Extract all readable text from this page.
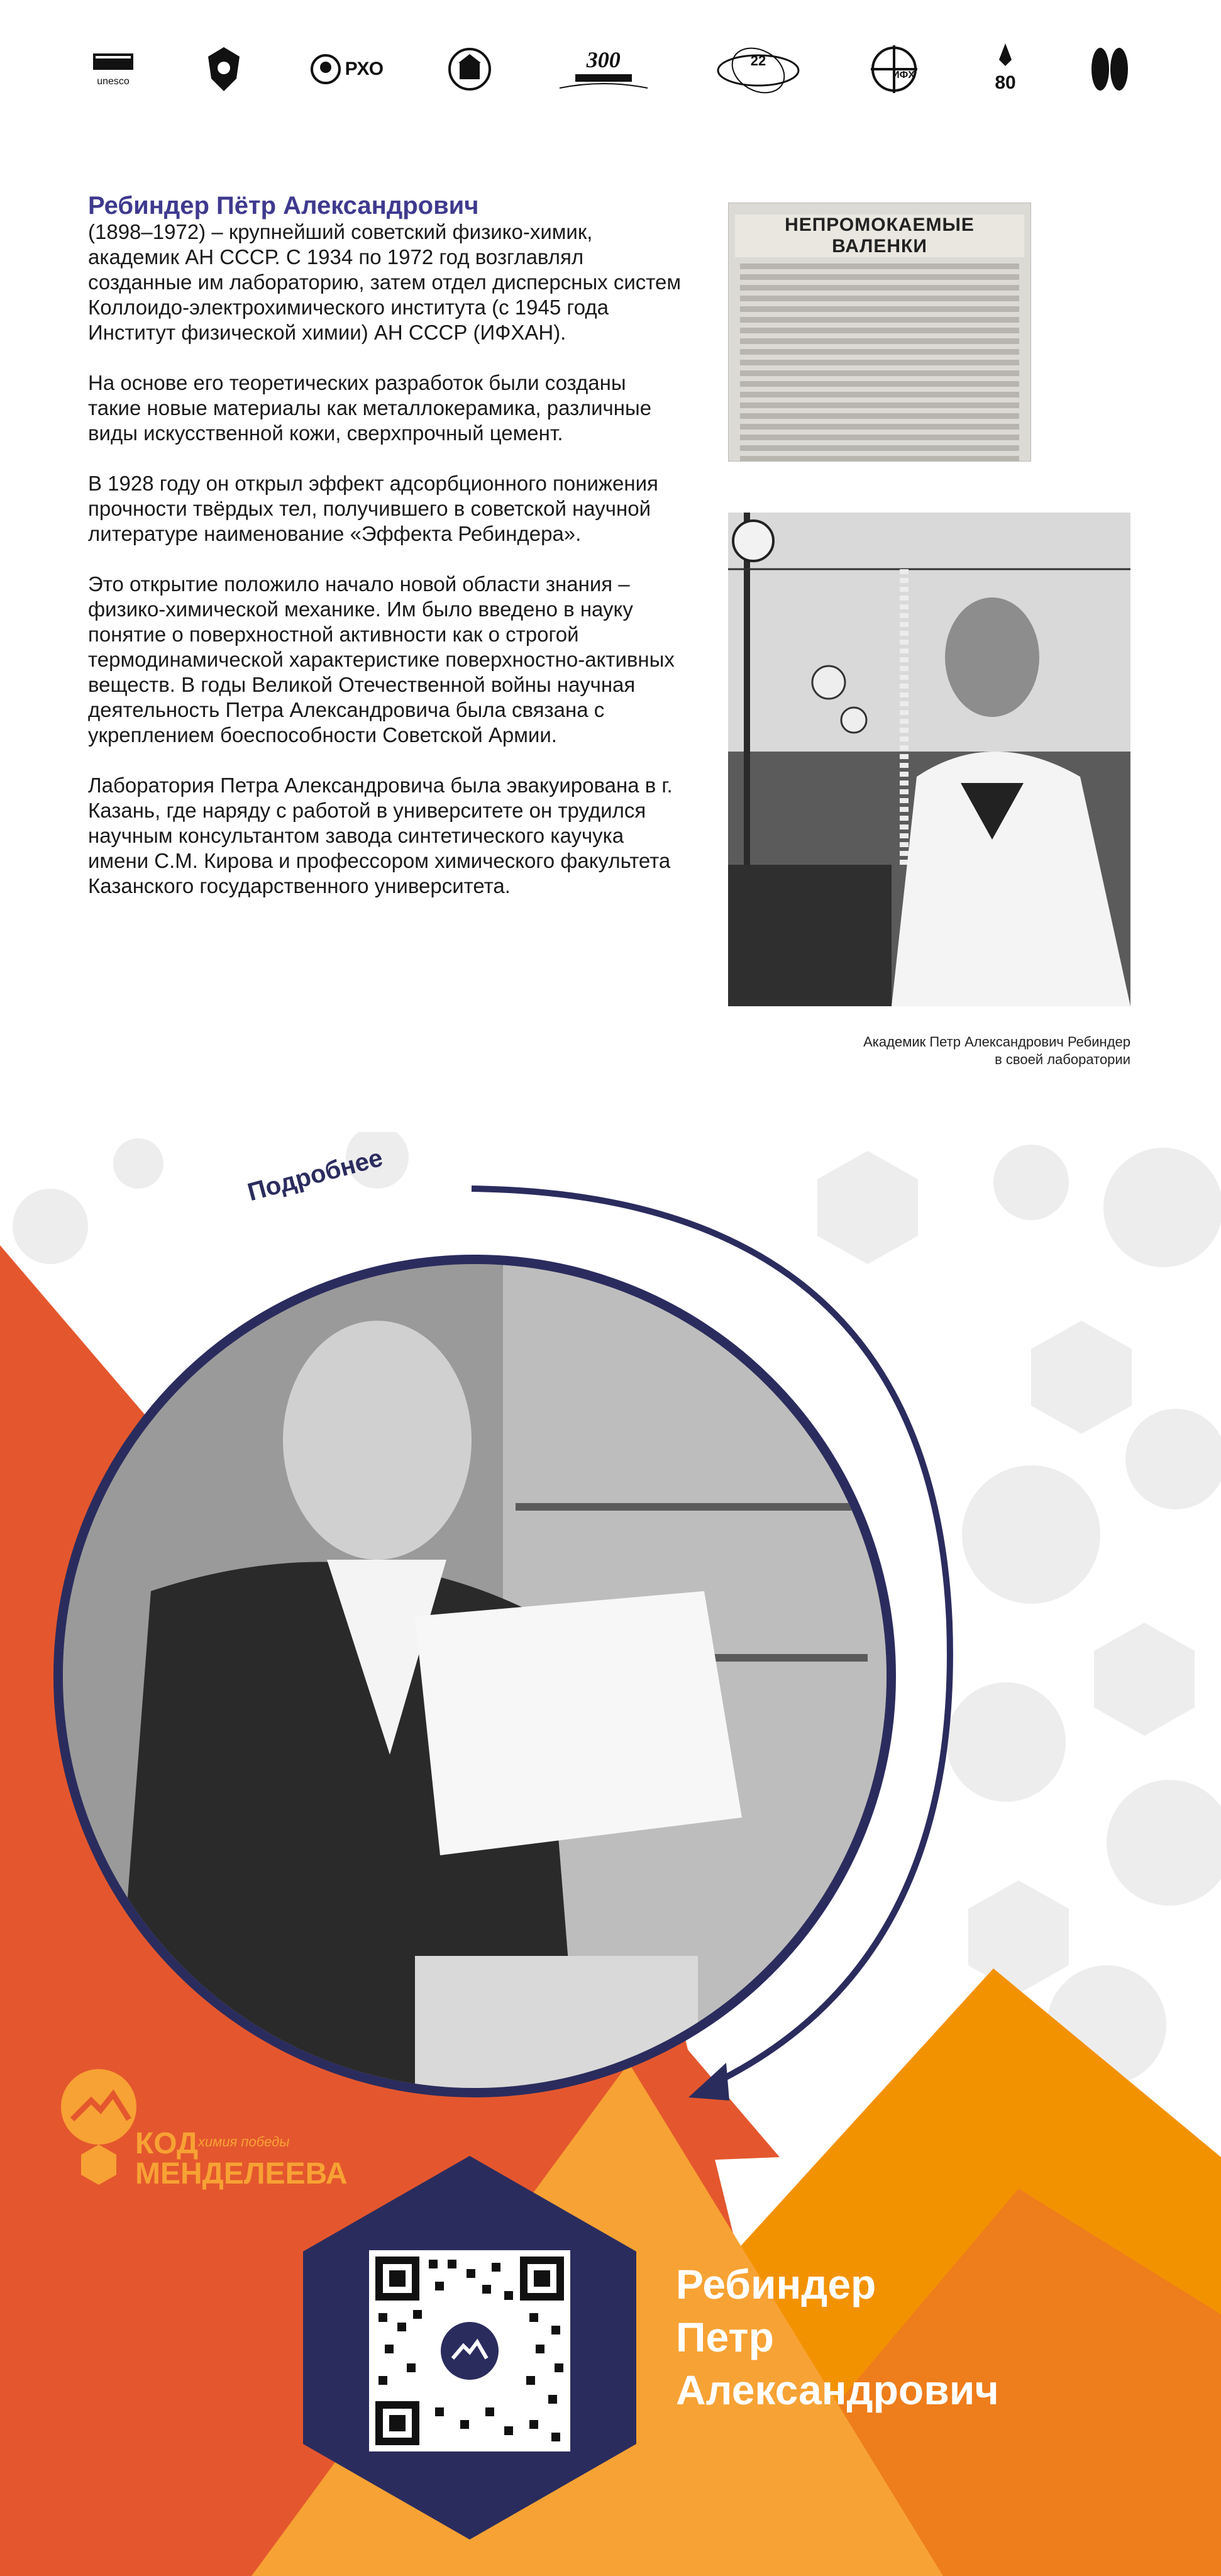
unesco
РХО	300	22
ИФХ	80
Ребиндер Пётр Александрович

(1898–1972) – крупнейший советский физико-химик, академик АН СССР. С 1934 по 1972 год возглавлял созданные им лабораторию, затем отдел дисперсных систем Коллоидо-электрохимического института (с 1945 года Институт физической химии) АН СССР (ИФХАН).

На основе его теоретических разработок были созданы такие новые материалы как металлокерамика, различные виды искусственной кожи, сверхпрочный цемент.

В 1928 году он открыл эффект адсорбционного понижения прочности твёрдых тел, получившего в советской научной литературе наименование «Эффекта Ребиндера».

Это открытие положило начало новой области знания – физико-химической механике. Им было введено в науку понятие о поверхностной активности как о строгой термодинамической характеристике поверхностно-активных веществ. В годы Великой Отечественной войны научная деятельность Петра Александровича была связана с укреплением боеспособности Советской Армии.

Лаборатория Петра Александровича была эвакуирована в г. Казань, где наряду с работой в университете он трудился научным консультантом завода синтетического каучука имени С.М. Кирова и профессором химического факультета Казанского государственного университета.

НЕПРОМОКАЕМЫЕ ВАЛЕНКИ
Академик Петр Александрович Ребиндер
в своей лаборатории
Подробнее
КОД
МЕНДЕЛЕЕВА
химия победы
Ребиндер
Петр
Александрович
